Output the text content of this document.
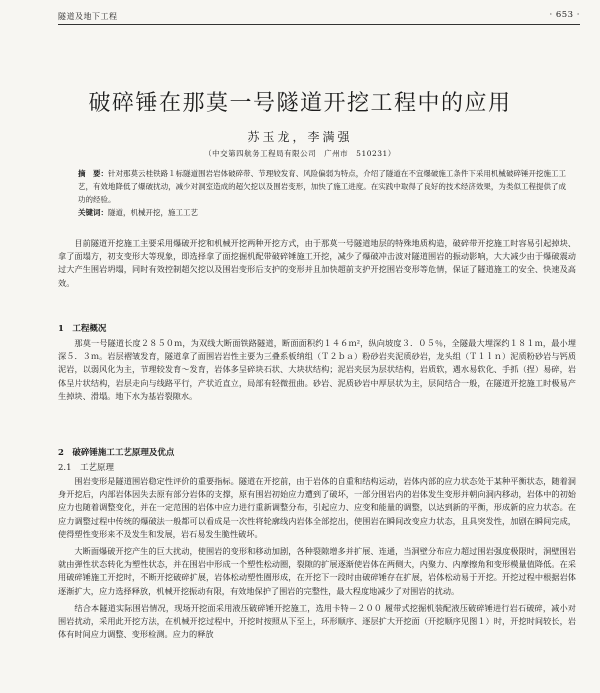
隧道及地下工程	· 653 ·
破碎锤在那莫一号隧道开挖工程中的应用
苏玉龙，李满强
（中交第四航务工程局有限公司　广州市　510231）
摘　要：针对那莫云桂铁路１标隧道围岩岩体破碎带、节理较发育、风险偏弱为特点，介绍了隧道在不宜爆破施工条件下采用机械破碎锤开挖施工工艺，有效地降低了爆破扰动，减少对洞室造成的超欠挖以及围岩变形，加快了施工进度。在实践中取得了良好的技术经济效果，为类似工程提供了成功的经验。
关键词：隧道，机械开挖，施工工艺

目前隧道开挖施工主要采用爆破开挖和机械开挖两种开挖方式，由于那莫一号隧道地层的特殊地质构造，破碎带开挖施工时容易引起掉块、拿了面塌方，初支变形大等现象，即选择拿了面挖掘机配带破碎锤施工开挖，减少了爆破冲击波对隧道围岩的振动影响，大大减少由于爆破震动过大产生围岩坍塌，同时有效控制超欠挖以及围岩变形后支护的变形并且加快超前支护开挖围岩变形等危情，保证了隧道施工的安全、快速及高效。

1　工程概况

那莫一号隧道长度２８５０ｍ，为双线大断面铁路隧道，断面面积约１４６ｍ²，纵向坡度３．０５％，全隧最大埋深约１８１ｍ，最小埋深５．３ｍ。岩层褶皱发育，隧道拿了面围岩岩性主要为三叠系板纳组（Ｔ２ｂａ）粉砂岩夹泥质砂岩，龙头组（Ｔ１ｌｎ）泥质粉砂岩与钙质泥岩，以弱风化为主，节理较发育～发育，岩体多呈碎块石状、大块状结构；泥岩夹层为层状结构，岩质软，遇水易软化、手抓（捏）易碎，岩体呈片状结构，岩层走向与线路平行，产状近直立，局部有轻微扭曲。砂岩、泥质砂岩中厚层状为主，层间结合一般，在隧道开挖施工时极易产生掉块、滑塌。地下水为基岩裂隙水。

2　破碎锤施工工艺原理及优点
2.1　工艺原理

围岩变形是隧道围岩稳定性评价的重要指标。隧道在开挖前，由于岩体的自重和结构运动，岩体内部的应力状态处于某种平衡状态，随着洞身开挖后，内部岩体因失去原有部分岩体的支撑，原有围岩初始应力遭到了破坏，一部分围岩内的岩体发生变形并朝向洞内移动，岩体中的初始应力也随着调整变化，并在一定范围的岩体中应力进行重新调整分布，引起应力、应变和能量的调整，以达到新的平衡，形成新的应力状态。在应力调整过程中传统的爆破法一般都可以看成是一次性将轮廓线内岩体全部挖出，使围岩在瞬间改变应力状态，且具突发性，加剧在瞬间完成，使得塑性变形来不及发生和发展，岩石易发生脆性破坏。

大断面爆破开挖产生的巨大扰动，使围岩的变形和移动加剧，各种裂隙增多并扩展、连通，当洞壁分布应力超过围岩强度极限时，洞壁围岩就由弹性状态转化为塑性状态，并在围岩中形成一个塑性松动圈，裂隙的扩展逐渐使岩体在两侧大，内聚力、内摩擦角和变形模量值降低。在采用破碎锤施工开挖时，不断开挖破碎扩展，岩体松动塑性圈形成，在开挖下一段时由破碎锤存在扩展，岩体松动易于开挖。开挖过程中根据岩体逐渐扩大，应力选择释放，机械开挖振动有限，有效地保护了围岩的完整性，最大程度地减少了对围岩的扰动。

结合本隧道实际围岩情况，现场开挖面采用液压破碎锤开挖施工，选用卡特－２００ 履带式挖掘机装配液压破碎锤进行岩石破碎，减小对围岩扰动，采用此开挖方法，在机械开挖过程中，开挖时按照从下至上，环形顺序、逐层扩大开挖面（开挖顺序见图１）时，开挖时间较长，岩体有时间应力调整、变形检测。应力的释放
